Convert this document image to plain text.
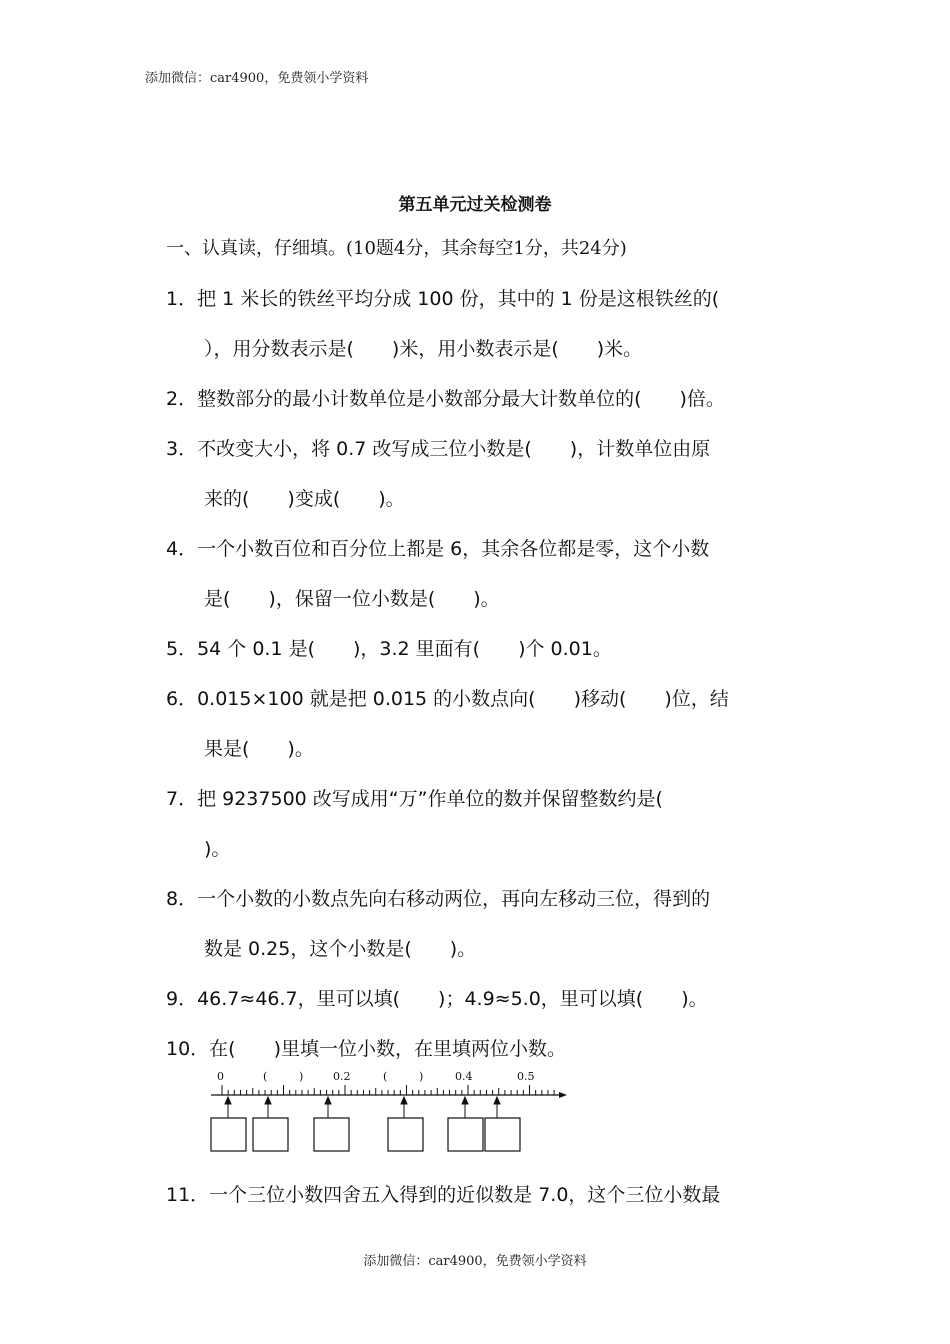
添加微信：car4900，免费领小学资料
第五单元过关检测卷
一、认真读，仔细填。(10题4分，其余每空1分，共24分)
1．把 1 米长的铁丝平均分成 100 份，其中的 1 份是这根铁丝的(
），用分数表示是(　　)米，用小数表示是(　　)米。
2．整数部分的最小计数单位是小数部分最大计数单位的(　　)倍。
3．不改变大小，将 0.7 改写成三位小数是(　　)，计数单位由原
来的(　　)变成(　　)。
4．一个小数百位和百分位上都是 6，其余各位都是零，这个小数
是(　　)，保留一位小数是(　　)。
5．54 个 0.1 是(　　)，3.2 里面有(　　)个 0.01。
6．0.015×100 就是把 0.015 的小数点向(　　)移动(　　)位，结
果是(　　)。
7．把 9237500 改写成用“万”作单位的数并保留整数约是(
)。
8．一个小数的小数点先向右移动两位，再向左移动三位，得到的
数是 0.25，这个小数是(　　)。
9．46.7≈46.7，里可以填(　　)；4.9≈5.0，里可以填(　　)。
10．在(　　)里填一位小数，在里填两位小数。
0	(	)	0.2	(	)	0.4	0.5
11．一个三位小数四舍五入得到的近似数是 7.0，这个三位小数最
添加微信：car4900，免费领小学资料
